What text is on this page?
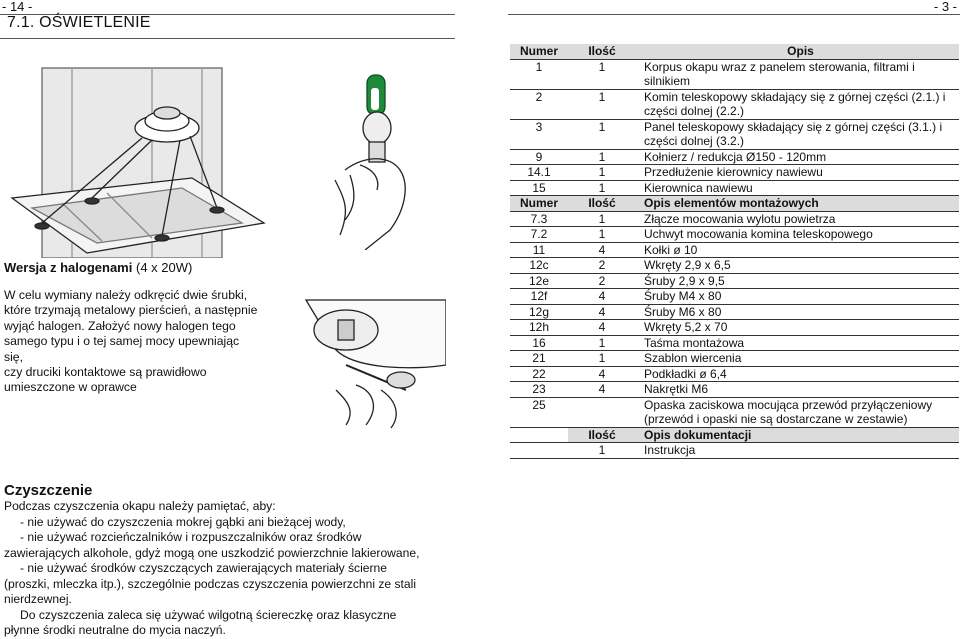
- 14 -	- 3 -
7.1. OŚWIETLENIE
Wersja z halogenami (4 x 20W)
W celu wymiany należy odkręcić dwie śrubki,
które trzymają metalowy pierścień, a następnie
wyjąć halogen. Założyć nowy halogen tego
samego typu i o tej samej mocy upewniając się,
czy druciki kontaktowe są prawidłowo
umieszczone w oprawce
Czyszczenie
Podczas czyszczenia okapu należy pamiętać, aby:
- nie używać do czyszczenia mokrej gąbki ani bieżącej wody,
- nie używać rozcieńczalników i rozpuszczalników oraz środków
zawierających alkohole, gdyż mogą one uszkodzić powierzchnie lakierowane,
- nie używać środków czyszczących zawierających materiały ścierne
(proszki, mleczka itp.), szczególnie podczas czyszczenia powierzchni ze stali
nierdzewnej.
Do czyszczenia zaleca się używać wilgotną ściereczkę oraz klasyczne
płynne środki neutralne do mycia naczyń.
Numer	Ilość	Opis
1	1	Korpus okapu wraz z panelem sterowania, filtrami i silnikiem
2	1	Komin teleskopowy składający się z górnej części (2.1.) i części dolnej (2.2.)
3	1	Panel teleskopowy składający się z górnej części (3.1.) i części dolnej (3.2.)
9	1	Kołnierz / redukcja Ø150 - 120mm
14.1	1	Przedłużenie kierownicy nawiewu
15	1	Kierownica nawiewu
Numer	Ilość	Opis elementów montażowych
7.3	1	Złącze mocowania wylotu powietrza
7.2	1	Uchwyt mocowania komina teleskopowego
11	4	Kołki ø 10
12c	2	Wkręty 2,9 x 6,5
12e	2	Śruby 2,9 x 9,5
12f	4	Śruby M4 x 80
12g	4	Śruby M6 x 80
12h	4	Wkręty 5,2 x 70
16	1	Taśma montażowa
21	1	Szablon wiercenia
22	4	Podkładki ø 6,4
23	4	Nakrętki M6
25		Opaska zaciskowa mocująca przewód przyłączeniowy (przewód i opaski nie są dostarczane w zestawie)
	Ilość	Opis dokumentacji
	1	Instrukcja
